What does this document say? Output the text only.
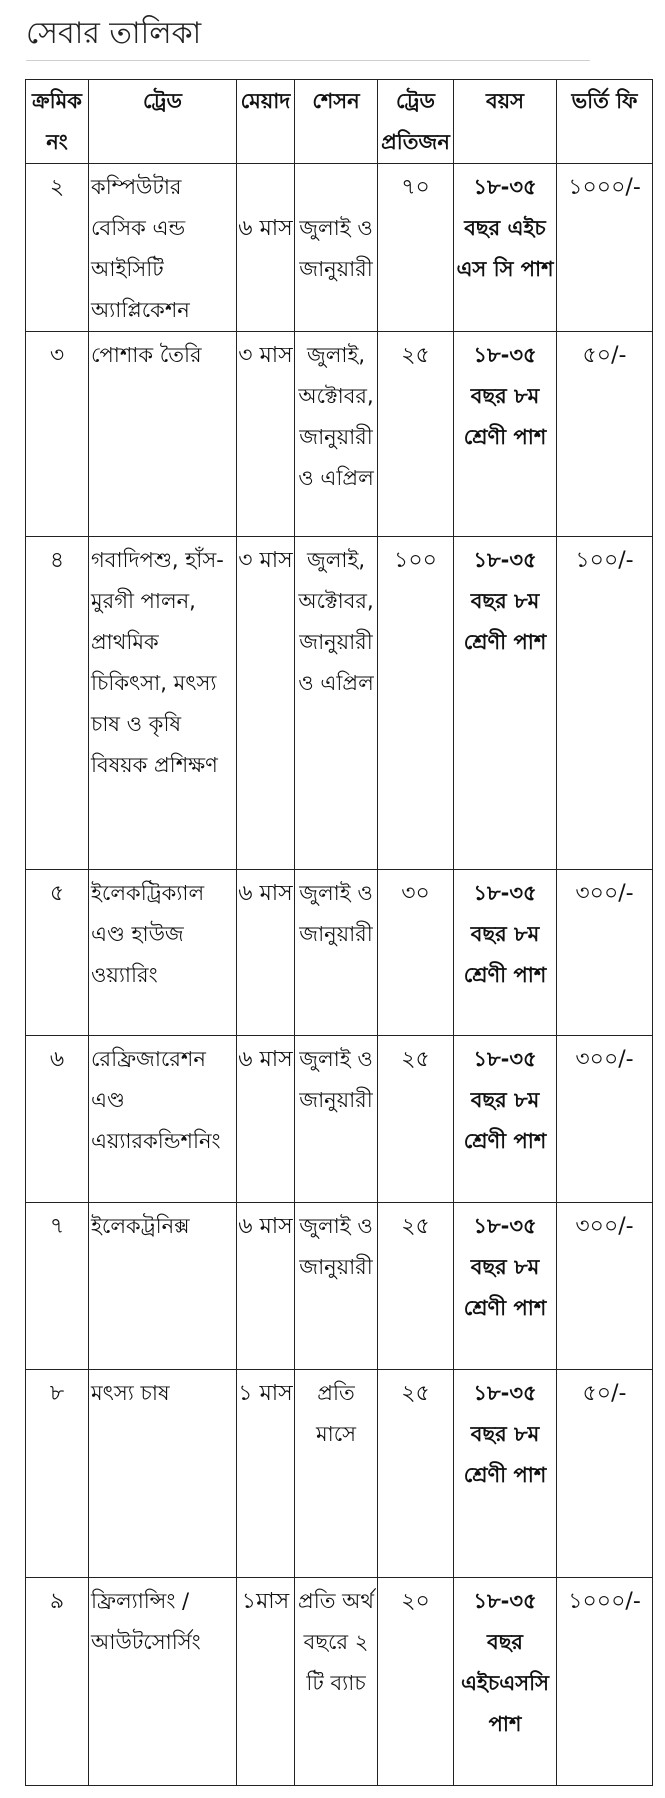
সেবার তালিকা
ক্রমিক নং	ট্রেড	মেয়াদ	শেসন	ট্রেড প্রতিজন	বয়স	ভর্তি ফি
২	কম্পিউটার বেসিক এন্ড আইসিটি অ্যাপ্লিকেশন	৬ মাস	জুলাই ও জানুয়ারী	৭০	১৮-৩৫ বছর এইচ এস সি পাশ	১০০০/-
৩	পোশাক তৈরি	৩ মাস	জুলাই, অক্টোবর, জানুয়ারী ও এপ্রিল	২৫	১৮-৩৫ বছর ৮ম শ্রেণী পাশ	৫০/-
৪	গবাদিপশু, হাঁস-মুরগী পালন, প্রাথমিক চিকিৎসা, মৎস্য চাষ ও কৃষি বিষয়ক প্রশিক্ষণ	৩ মাস	জুলাই, অক্টোবর, জানুয়ারী ও এপ্রিল	১০০	১৮-৩৫ বছর ৮ম শ্রেণী পাশ	১০০/-
৫	ইলেকট্রিক্যাল এণ্ড হাউজ ওয়্যারিং	৬ মাস	জুলাই ও জানুয়ারী	৩০	১৮-৩৫ বছর ৮ম শ্রেণী পাশ	৩০০/-
৬	রেফ্রিজারেশন এণ্ড এয়্যারকন্ডিশনিং	৬ মাস	জুলাই ও জানুয়ারী	২৫	১৮-৩৫ বছর ৮ম শ্রেণী পাশ	৩০০/-
৭	ইলেকট্রনিক্স	৬ মাস	জুলাই ও জানুয়ারী	২৫	১৮-৩৫ বছর ৮ম শ্রেণী পাশ	৩০০/-
৮	মৎস্য চাষ	১ মাস	প্রতি মাসে	২৫	১৮-৩৫ বছর ৮ম শ্রেণী পাশ	৫০/-
৯	ফ্রিল্যান্সিং / আউটসোর্সিং	১মাস	প্রতি অর্থ বছরে ২ টি ব্যাচ	২০	১৮-৩৫ বছর এইচএসসি পাশ	১০০০/-
